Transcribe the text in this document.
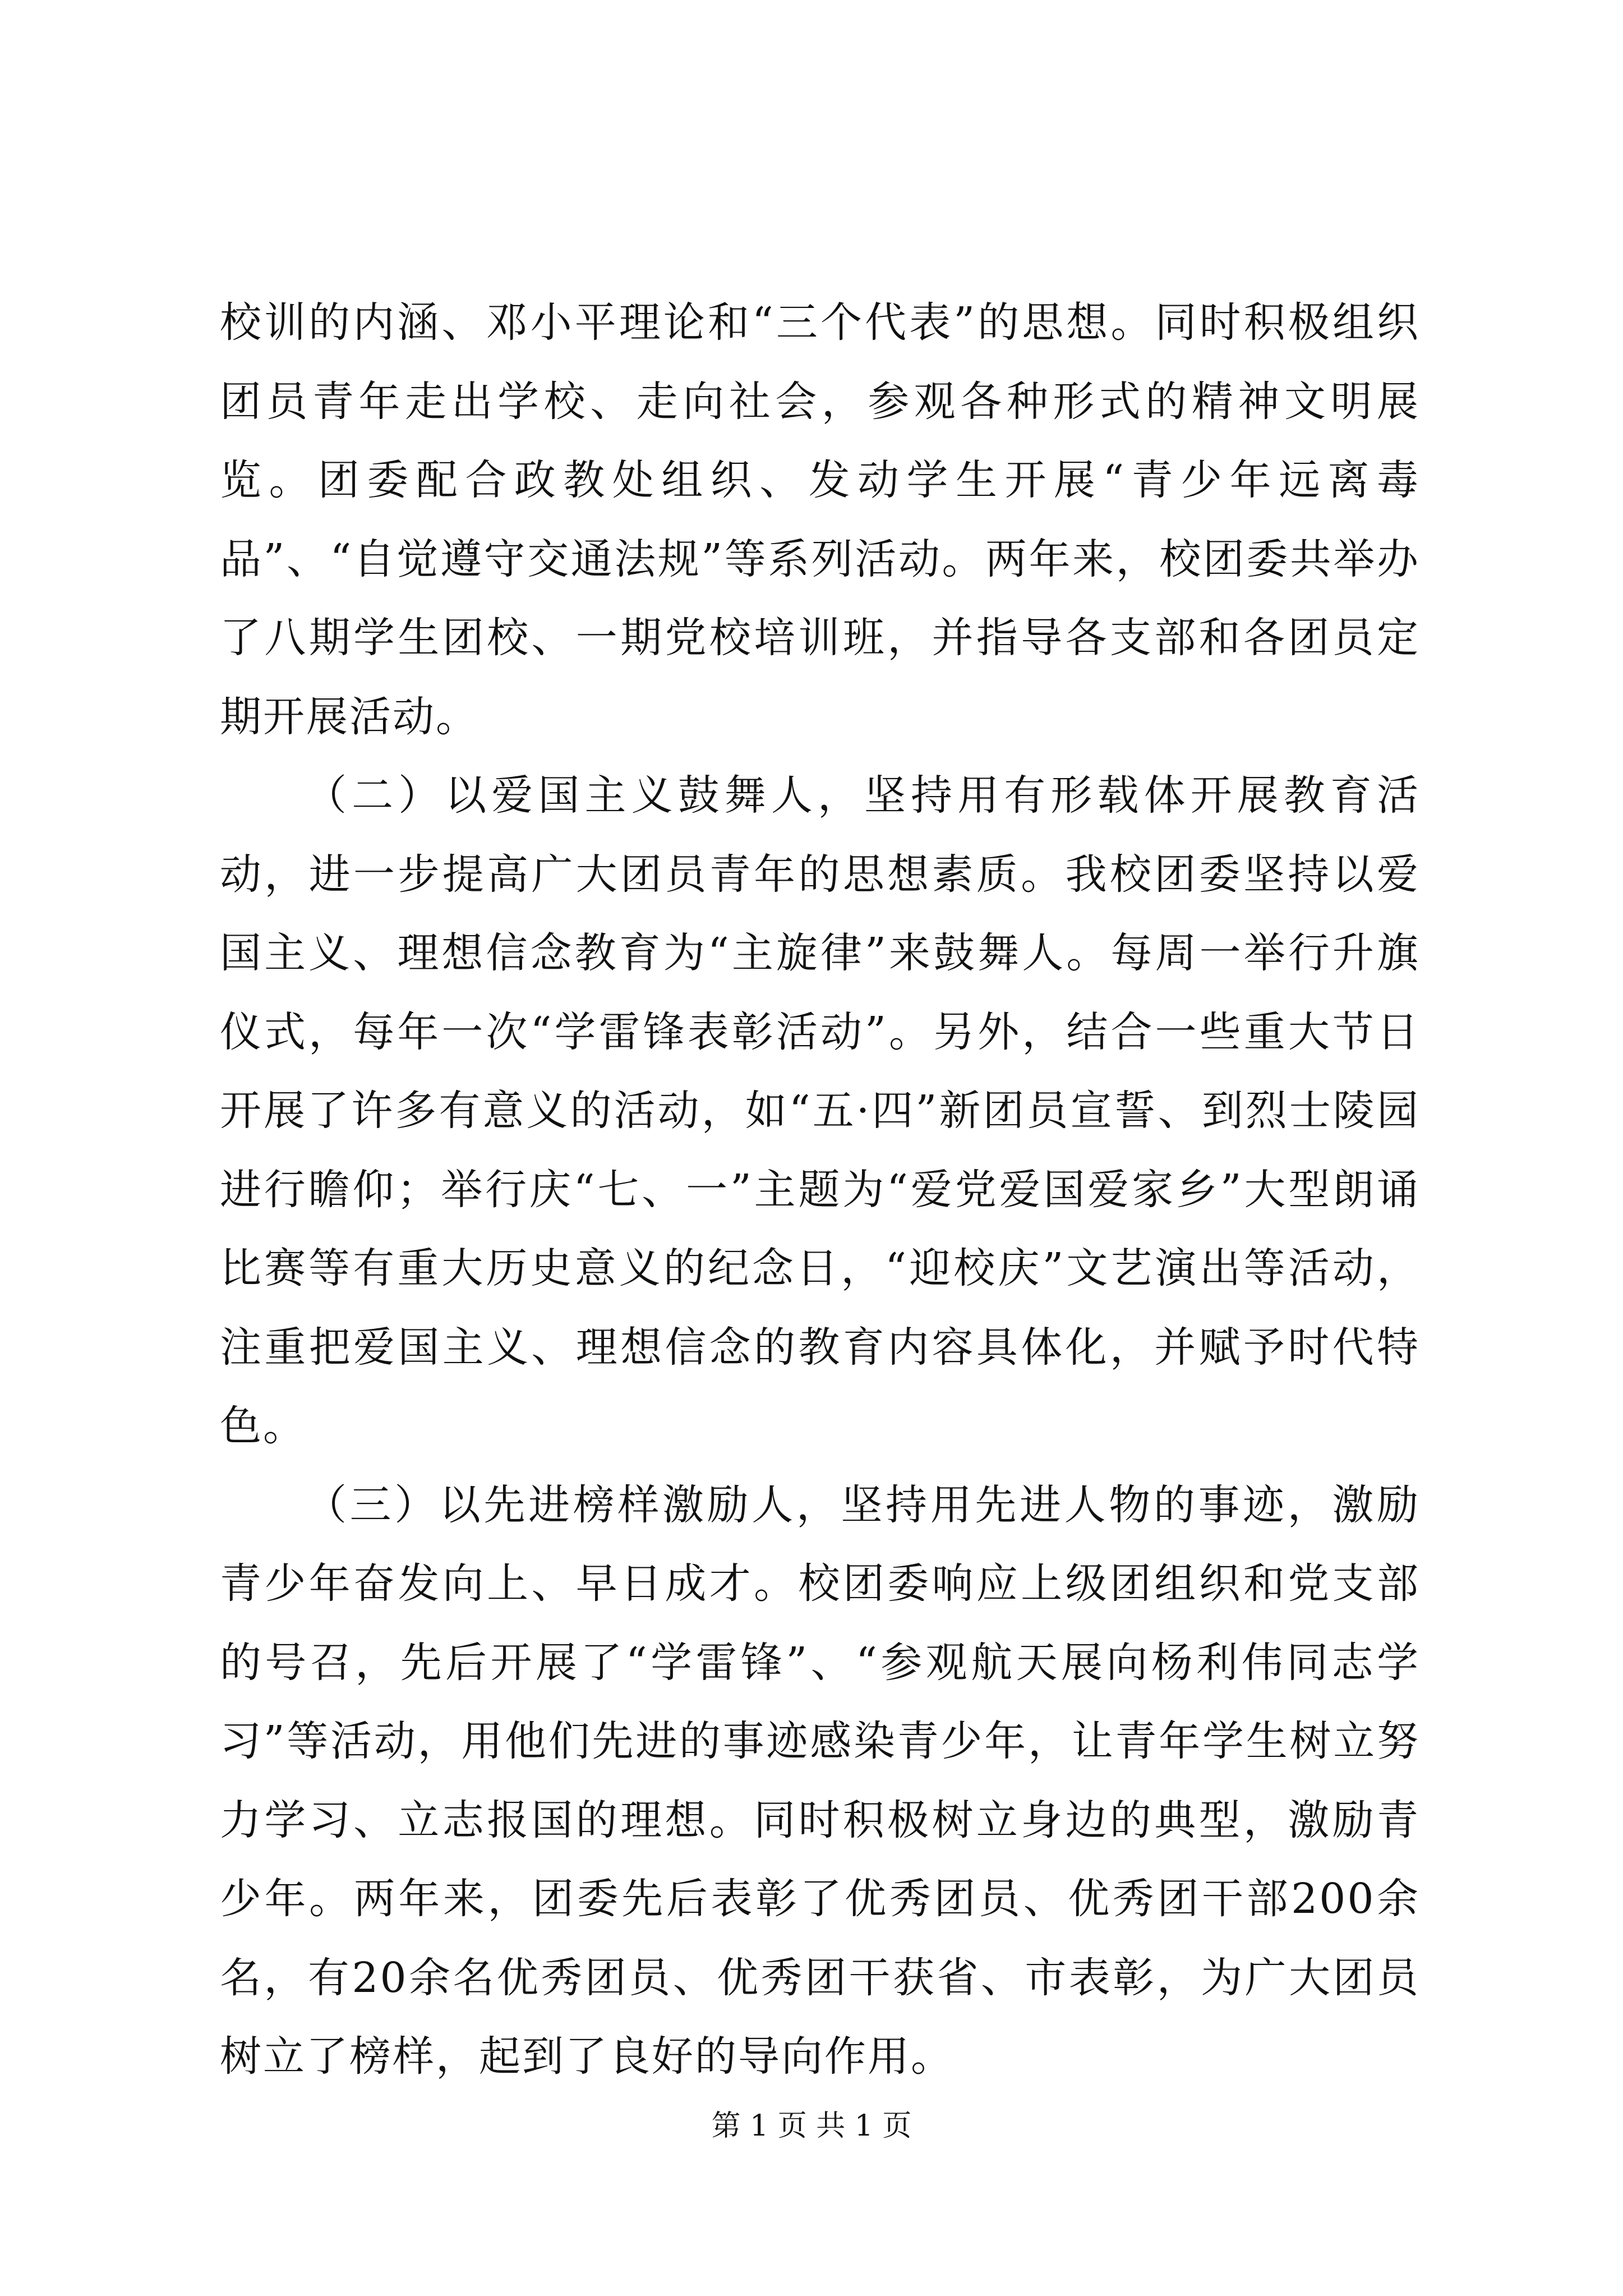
校训的内涵、邓小平理论和“三个代表”的思想。同时积极组织团员青年走出学校、走向社会，参观各种形式的精神文明展览。团委配合政教处组织、发动学生开展“青少年远离毒品”、“自觉遵守交通法规”等系列活动。两年来，校团委共举办了八期学生团校、一期党校培训班，并指导各支部和各团员定期开展活动。

（二）以爱国主义鼓舞人，坚持用有形载体开展教育活动，进一步提高广大团员青年的思想素质。我校团委坚持以爱国主义、理想信念教育为“主旋律”来鼓舞人。每周一举行升旗仪式，每年一次“学雷锋表彰活动”。另外，结合一些重大节日开展了许多有意义的活动，如“五·四”新团员宣誓、到烈士陵园进行瞻仰；举行庆“七、一”主题为“爱党爱国爱家乡”大型朗诵比赛等有重大历史意义的纪念日，“迎校庆”文艺演出等活动，注重把爱国主义、理想信念的教育内容具体化，并赋予时代特色。

（三）以先进榜样激励人，坚持用先进人物的事迹，激励青少年奋发向上、早日成才。校团委响应上级团组织和党支部的号召，先后开展了“学雷锋”、“参观航天展向杨利伟同志学习”等活动，用他们先进的事迹感染青少年，让青年学生树立努力学习、立志报国的理想。同时积极树立身边的典型，激励青少年。两年来，团委先后表彰了优秀团员、优秀团干部200余名，有20余名优秀团员、优秀团干获省、市表彰，为广大团员树立了榜样，起到了良好的导向作用。

第 1 页 共 1 页
